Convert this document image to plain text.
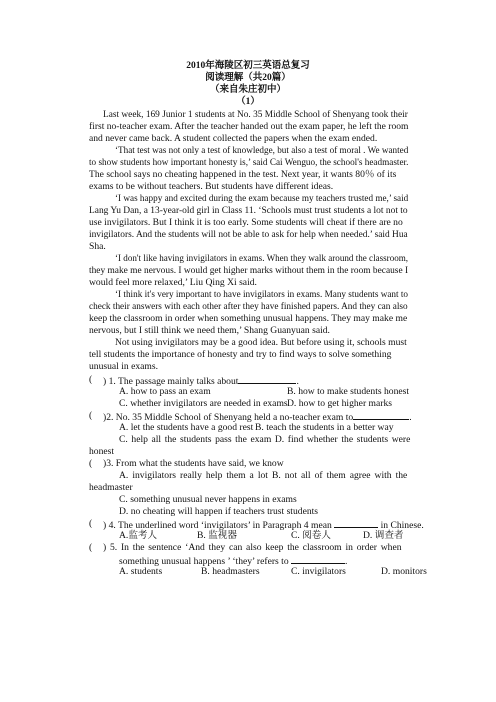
2010年海陵区初三英语总复习
阅读理解（共20篇）
（来自朱庄初中）
（1）
Last week, 169 Junior 1 students at No. 35 Middle School of Shenyang took their
first no-teacher exam. After the teacher handed out the exam paper, he left the room
and never came back. A student collected the papers when the exam ended.
‘That test was not only a test of knowledge, but also a test of moral . We wanted
to show students how important honesty is,’ said Cai Wenguo, the school's headmaster.
The school says no cheating happened in the test. Next year, it wants 80％ of its
exams to be without teachers. But students have different ideas.
‘I was happy and excited during the exam because my teachers trusted me,’ said
Lang Yu Dan, a 13-year-old girl in Class 11. ‘Schools must trust students a lot not to
use invigilators. But I think it is too early. Some students will cheat if there are no
invigilators. And the students will not be able to ask for help when needed.’ said Hua
Sha.
‘I don't like having invigilators in exams. When they walk around the classroom,
they make me nervous. I would get higher marks without them in the room because I
would feel more relaxed,’ Liu Qing Xi said.
‘I think it's very important to have invigilators in exams. Many students want to
check their answers with each other after they have finished papers. And they can also
keep the classroom in order when something unusual happens. They may make me
nervous, but I still think we need them,’ Shang Guanyuan said.
Not using invigilators may be a good idea. But before using it, schools must
tell students the importance of honesty and try to find ways to solve something
unusual in exams.
( ) 1. The passage mainly talks about	.
A. how to pass an exam	B. how to make students honest
C. whether invigilators are needed in exams D. how to get higher marks
( )2. No. 35 Middle School of Shenyang held a no-teacher exam to	.
A. let the students have a good rest B. teach the students in a better way
C. help all the students pass the exam D. find whether the students were
honest
( )3. From what the students have said, we know
A. invigilators really help them a lot B. not all of them agree with the
headmaster
C. something unusual never happens in exams
D. no cheating will happen if teachers trust students
( ) 4. The underlined word ‘invigilators’ in Paragraph 4 mean	in Chinese.
A.监考人	B. 监视器	C. 阅卷人	D. 调查者
( ) 5. In the sentence ‘And they can also keep the classroom in order when
something unusual happens ’ ‘they’ refers to	.
A. students	B. headmasters	C. invigilators	D. monitors
